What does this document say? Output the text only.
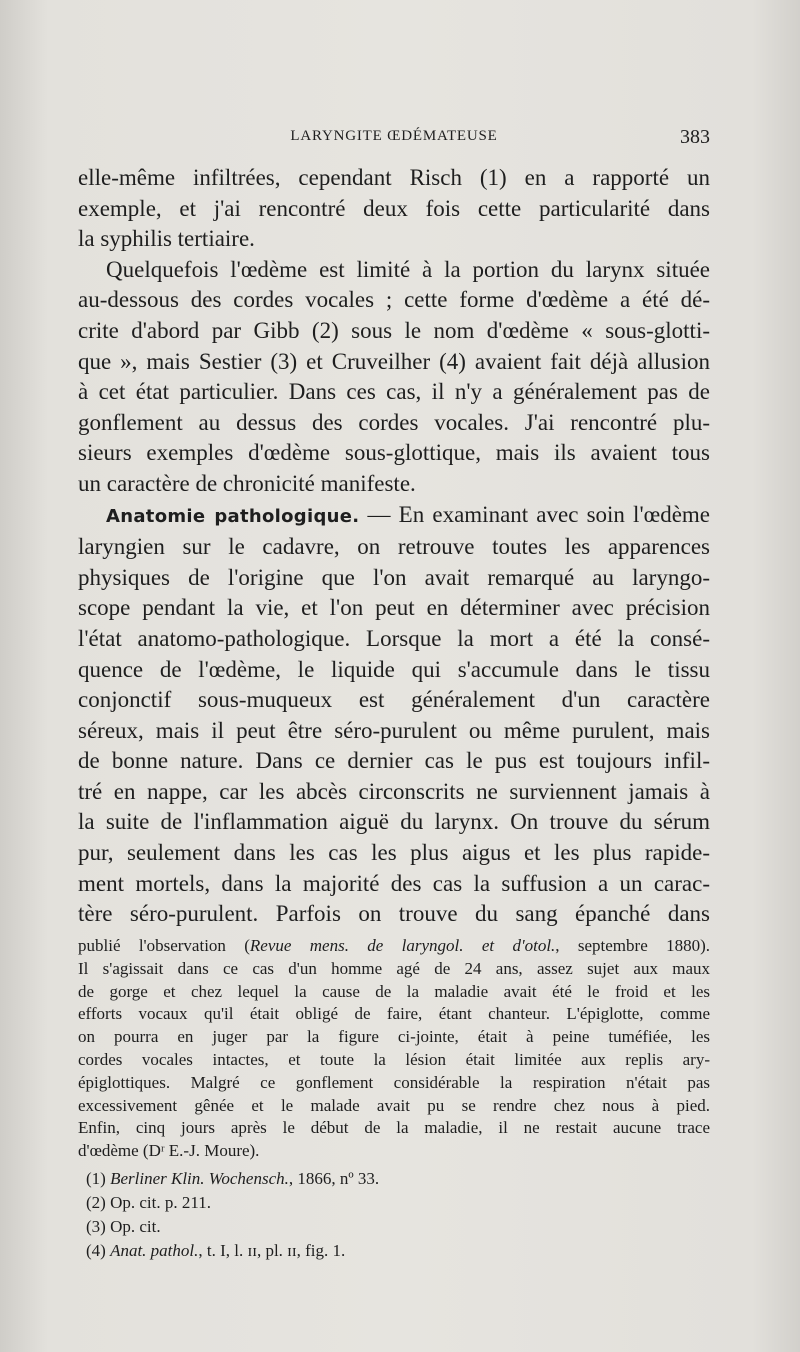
LARYNGITE ŒDÉMATEUSE	383
elle-même infiltrées, cependant Risch (1) en a rapporté un
exemple, et j'ai rencontré deux fois cette particularité dans
la syphilis tertiaire.
Quelquefois l'œdème est limité à la portion du larynx située
au-dessous des cordes vocales ; cette forme d'œdème a été dé-
crite d'abord par Gibb (2) sous le nom d'œdème « sous-glotti-
que », mais Sestier (3) et Cruveilher (4) avaient fait déjà allusion
à cet état particulier. Dans ces cas, il n'y a généralement pas de
gonflement au dessus des cordes vocales. J'ai rencontré plu-
sieurs exemples d'œdème sous-glottique, mais ils avaient tous
un caractère de chronicité manifeste.
Anatomie pathologique. — En examinant avec soin l'œdème
laryngien sur le cadavre, on retrouve toutes les apparences
physiques de l'origine que l'on avait remarqué au laryngo-
scope pendant la vie, et l'on peut en déterminer avec précision
l'état anatomo-pathologique. Lorsque la mort a été la consé-
quence de l'œdème, le liquide qui s'accumule dans le tissu
conjonctif sous-muqueux est généralement d'un caractère
séreux, mais il peut être séro-purulent ou même purulent, mais
de bonne nature. Dans ce dernier cas le pus est toujours infil-
tré en nappe, car les abcès circonscrits ne surviennent jamais à
la suite de l'inflammation aiguë du larynx. On trouve du sérum
pur, seulement dans les cas les plus aigus et les plus rapide-
ment mortels, dans la majorité des cas la suffusion a un carac-
tère séro-purulent. Parfois on trouve du sang épanché dans
publié l'observation (Revue mens. de laryngol. et d'otol., septembre 1880).
Il s'agissait dans ce cas d'un homme agé de 24 ans, assez sujet aux maux
de gorge et chez lequel la cause de la maladie avait été le froid et les
efforts vocaux qu'il était obligé de faire, étant chanteur. L'épiglotte, comme
on pourra en juger par la figure ci-jointe, était à peine tuméfiée, les
cordes vocales intactes, et toute la lésion était limitée aux replis ary-
épiglottiques. Malgré ce gonflement considérable la respiration n'était pas
excessivement gênée et le malade avait pu se rendre chez nous à pied.
Enfin, cinq jours après le début de la maladie, il ne restait aucune trace
d'œdème (Dʳ E.-J. Moure).
(1) Berliner Klin. Wochensch., 1866, nº 33.
(2) Op. cit. p. 211.
(3) Op. cit.
(4) Anat. pathol., t. I, l. ɪɪ, pl. ɪɪ, fig. 1.
